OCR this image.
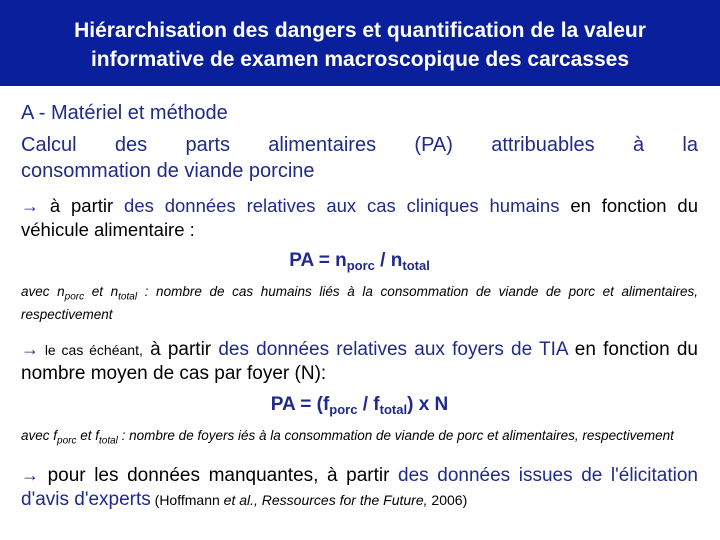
Hiérarchisation des dangers et quantification de la valeur
informative de examen macroscopique des carcasses

A - Matériel et méthode

Calcul des parts alimentaires (PA) attribuables à la
consommation de viande porcine

→ à partir des données relatives aux cas cliniques humains en fonction du véhicule alimentaire :

PA = $n_{porc} / n_{total}$

avec $n_{porc}$ et $n_{total}$ : nombre de cas humains liés à la consommation de viande de porc et alimentaires, respectivement

→ le cas échéant, à partir des données relatives aux foyers de TIA en fonction du nombre moyen de cas par foyer (N):

PA = $(f_{porc} / f_{total})$ x N

avec $f_{porc}$ et $f_{total}$ : nombre de foyers iés à la consommation de viande de porc et alimentaires, respectivement

→ pour les données manquantes, à partir des données issues de l'élicitation d'avis d'experts (Hoffmann et al., Ressources for the Future, 2006)
